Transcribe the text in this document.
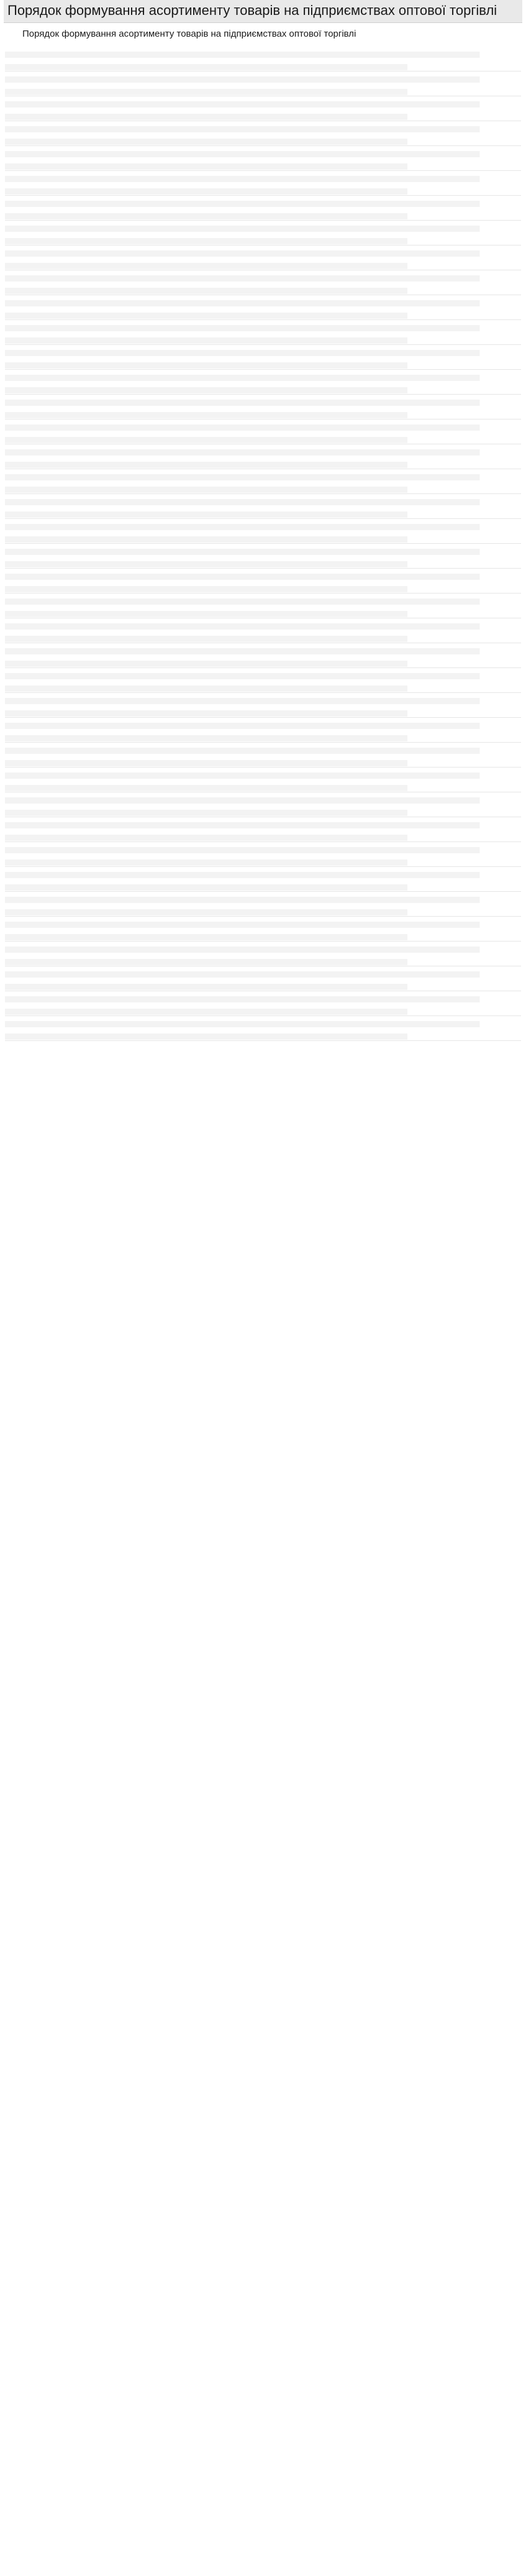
Порядок формування асортименту товарів на підприємствах оптової торгівлі
Порядок формування асортименту товарів на підприємствах оптової торгівлі
